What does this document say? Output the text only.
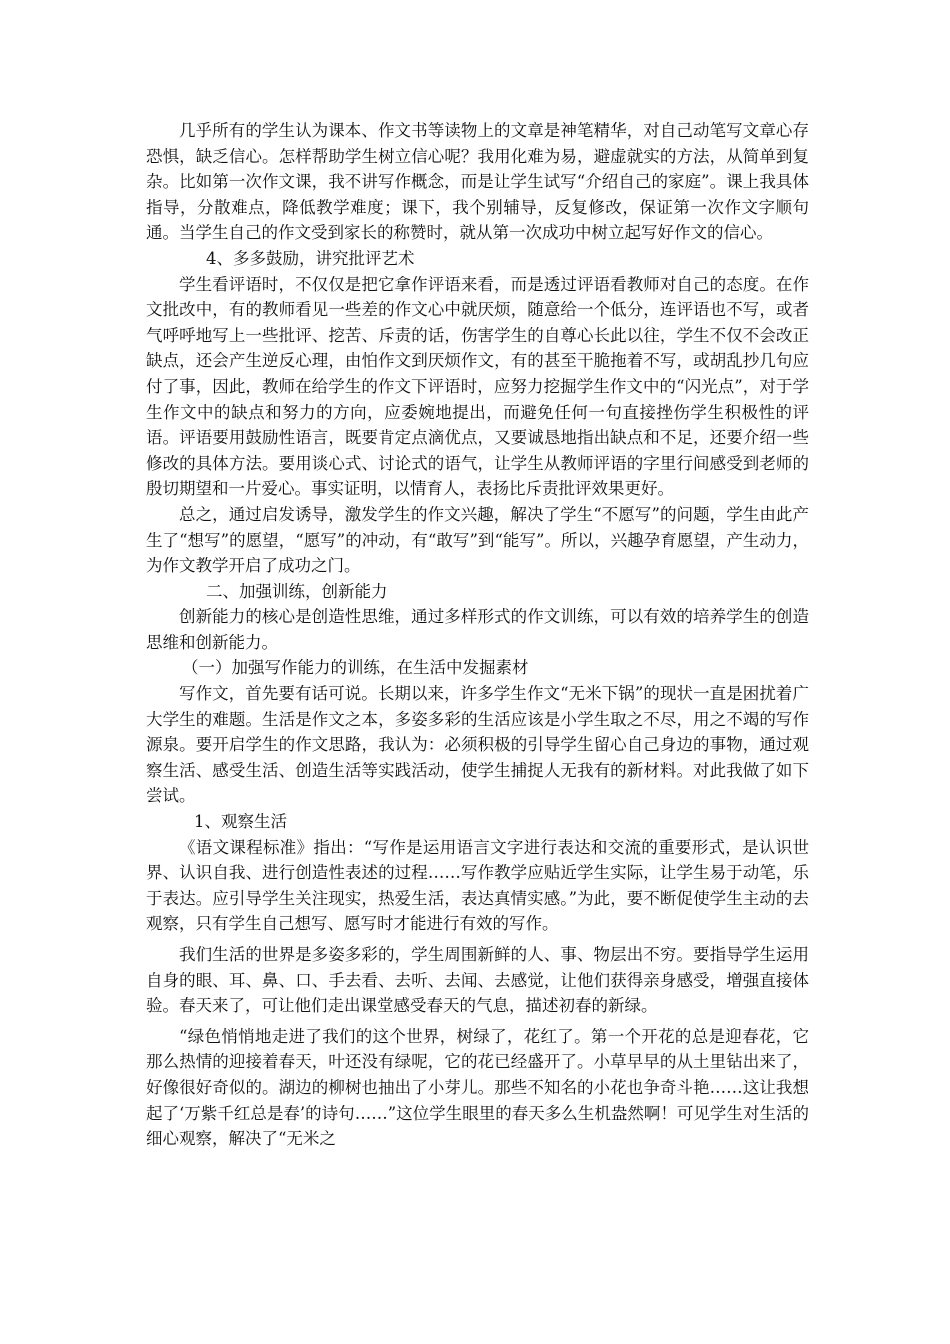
几乎所有的学生认为课本、作文书等读物上的文章是神笔精华，对自己动笔写文章心存恐惧，缺乏信心。怎样帮助学生树立信心呢？我用化难为易，避虚就实的方法，从简单到复杂。比如第一次作文课，我不讲写作概念，而是让学生试写“介绍自己的家庭”。课上我具体指导，分散难点，降低教学难度；课下，我个别辅导，反复修改，保证第一次作文字顺句通。当学生自己的作文受到家长的称赞时，就从第一次成功中树立起写好作文的信心。

4、多多鼓励，讲究批评艺术

学生看评语时，不仅仅是把它拿作评语来看，而是透过评语看教师对自己的态度。在作文批改中，有的教师看见一些差的作文心中就厌烦，随意给一个低分，连评语也不写，或者气呼呼地写上一些批评、挖苦、斥责的话，伤害学生的自尊心长此以往，学生不仅不会改正缺点，还会产生逆反心理，由怕作文到厌烦作文，有的甚至干脆拖着不写，或胡乱抄几句应付了事，因此，教师在给学生的作文下评语时，应努力挖掘学生作文中的“闪光点”，对于学生作文中的缺点和努力的方向，应委婉地提出，而避免任何一句直接挫伤学生积极性的评语。评语要用鼓励性语言，既要肯定点滴优点，又要诚恳地指出缺点和不足，还要介绍一些修改的具体方法。要用谈心式、讨论式的语气，让学生从教师评语的字里行间感受到老师的殷切期望和一片爱心。事实证明，以情育人，表扬比斥责批评效果更好。

总之，通过启发诱导，激发学生的作文兴趣，解决了学生“不愿写”的问题，学生由此产生了“想写”的愿望，“愿写”的冲动，有“敢写”到“能写”。所以，兴趣孕育愿望，产生动力，为作文教学开启了成功之门。

二、加强训练，创新能力

创新能力的核心是创造性思维，通过多样形式的作文训练，可以有效的培养学生的创造思维和创新能力。

（一）加强写作能力的训练，在生活中发掘素材

写作文，首先要有话可说。长期以来，许多学生作文“无米下锅”的现状一直是困扰着广大学生的难题。生活是作文之本，多姿多彩的生活应该是小学生取之不尽，用之不竭的写作源泉。要开启学生的作文思路，我认为：必须积极的引导学生留心自己身边的事物，通过观察生活、感受生活、创造生活等实践活动，使学生捕捉人无我有的新材料。对此我做了如下尝试。

1、观察生活

《语文课程标准》指出：“写作是运用语言文字进行表达和交流的重要形式，是认识世界、认识自我、进行创造性表述的过程……写作教学应贴近学生实际，让学生易于动笔，乐于表达。应引导学生关注现实，热爱生活，表达真情实感。”为此，要不断促使学生主动的去观察，只有学生自己想写、愿写时才能进行有效的写作。

我们生活的世界是多姿多彩的，学生周围新鲜的人、事、物层出不穷。要指导学生运用自身的眼、耳、鼻、口、手去看、去听、去闻、去感觉，让他们获得亲身感受，增强直接体验。春天来了，可让他们走出课堂感受春天的气息，描述初春的新绿。

“绿色悄悄地走进了我们的这个世界，树绿了，花红了。第一个开花的总是迎春花，它那么热情的迎接着春天，叶还没有绿呢，它的花已经盛开了。小草早早的从土里钻出来了，好像很好奇似的。湖边的柳树也抽出了小芽儿。那些不知名的小花也争奇斗艳……这让我想起了‘万紫千红总是春’的诗句……”这位学生眼里的春天多么生机盎然啊！可见学生对生活的细心观察，解决了“无米之
